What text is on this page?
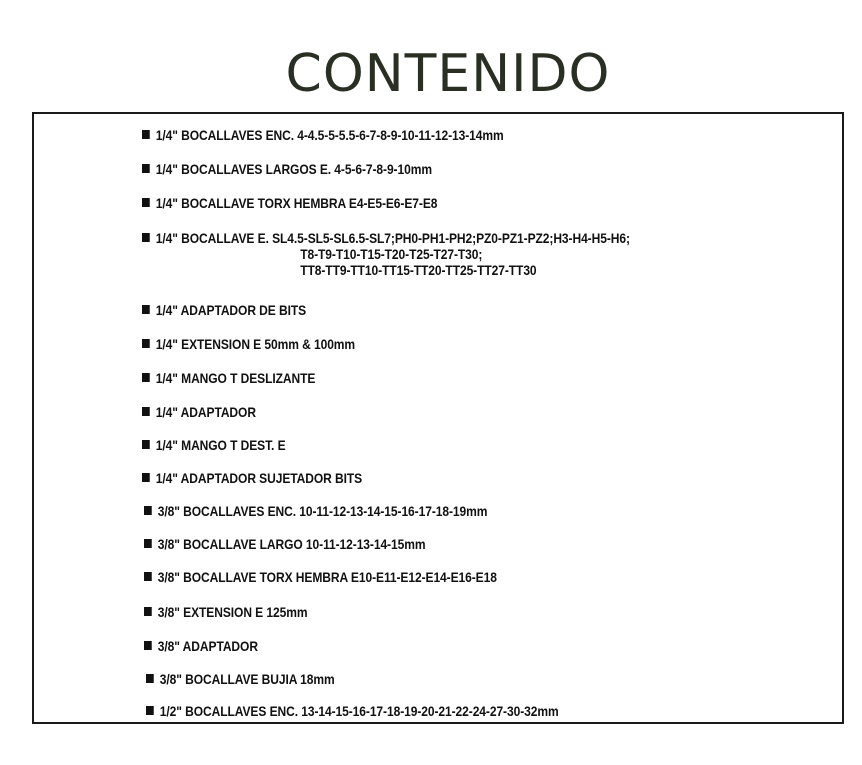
CONTENIDO
1/4" BOCALLAVES ENC. 4-4.5-5-5.5-6-7-8-9-10-11-12-13-14mm
1/4" BOCALLAVES LARGOS E. 4-5-6-7-8-9-10mm
1/4" BOCALLAVE TORX HEMBRA E4-E5-E6-E7-E8
1/4" BOCALLAVE E. SL4.5-SL5-SL6.5-SL7;PH0-PH1-PH2;PZ0-PZ1-PZ2;H3-H4-H5-H6;
T8-T9-T10-T15-T20-T25-T27-T30;
TT8-TT9-TT10-TT15-TT20-TT25-TT27-TT30
1/4" ADAPTADOR DE BITS
1/4" EXTENSION E 50mm & 100mm
1/4" MANGO T DESLIZANTE
1/4" ADAPTADOR
1/4" MANGO T DEST. E
1/4" ADAPTADOR SUJETADOR BITS
3/8" BOCALLAVES ENC. 10-11-12-13-14-15-16-17-18-19mm
3/8" BOCALLAVE LARGO 10-11-12-13-14-15mm
3/8" BOCALLAVE TORX HEMBRA E10-E11-E12-E14-E16-E18
3/8" EXTENSION E 125mm
3/8" ADAPTADOR
3/8" BOCALLAVE BUJIA 18mm
1/2" BOCALLAVES ENC. 13-14-15-16-17-18-19-20-21-22-24-27-30-32mm
